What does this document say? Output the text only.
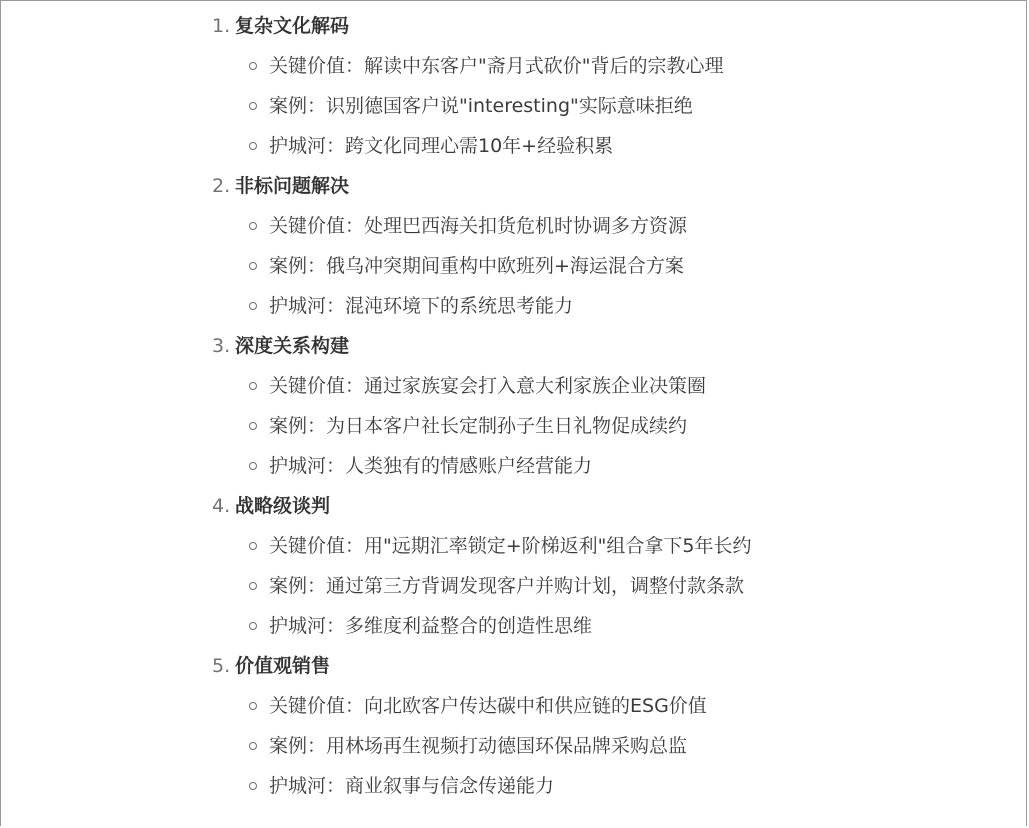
1. 复杂文化解码
关键价值：解读中东客户"斋月式砍价"背后的宗教心理
案例：识别德国客户说"interesting"实际意味拒绝
护城河：跨文化同理心需10年+经验积累
2. 非标问题解决
关键价值：处理巴西海关扣货危机时协调多方资源
案例：俄乌冲突期间重构中欧班列+海运混合方案
护城河：混沌环境下的系统思考能力
3. 深度关系构建
关键价值：通过家族宴会打入意大利家族企业决策圈
案例：为日本客户社长定制孙子生日礼物促成续约
护城河：人类独有的情感账户经营能力
4. 战略级谈判
关键价值：用"远期汇率锁定+阶梯返利"组合拿下5年长约
案例：通过第三方背调发现客户并购计划，调整付款条款
护城河：多维度利益整合的创造性思维
5. 价值观销售
关键价值：向北欧客户传达碳中和供应链的ESG价值
案例：用林场再生视频打动德国环保品牌采购总监
护城河：商业叙事与信念传递能力
